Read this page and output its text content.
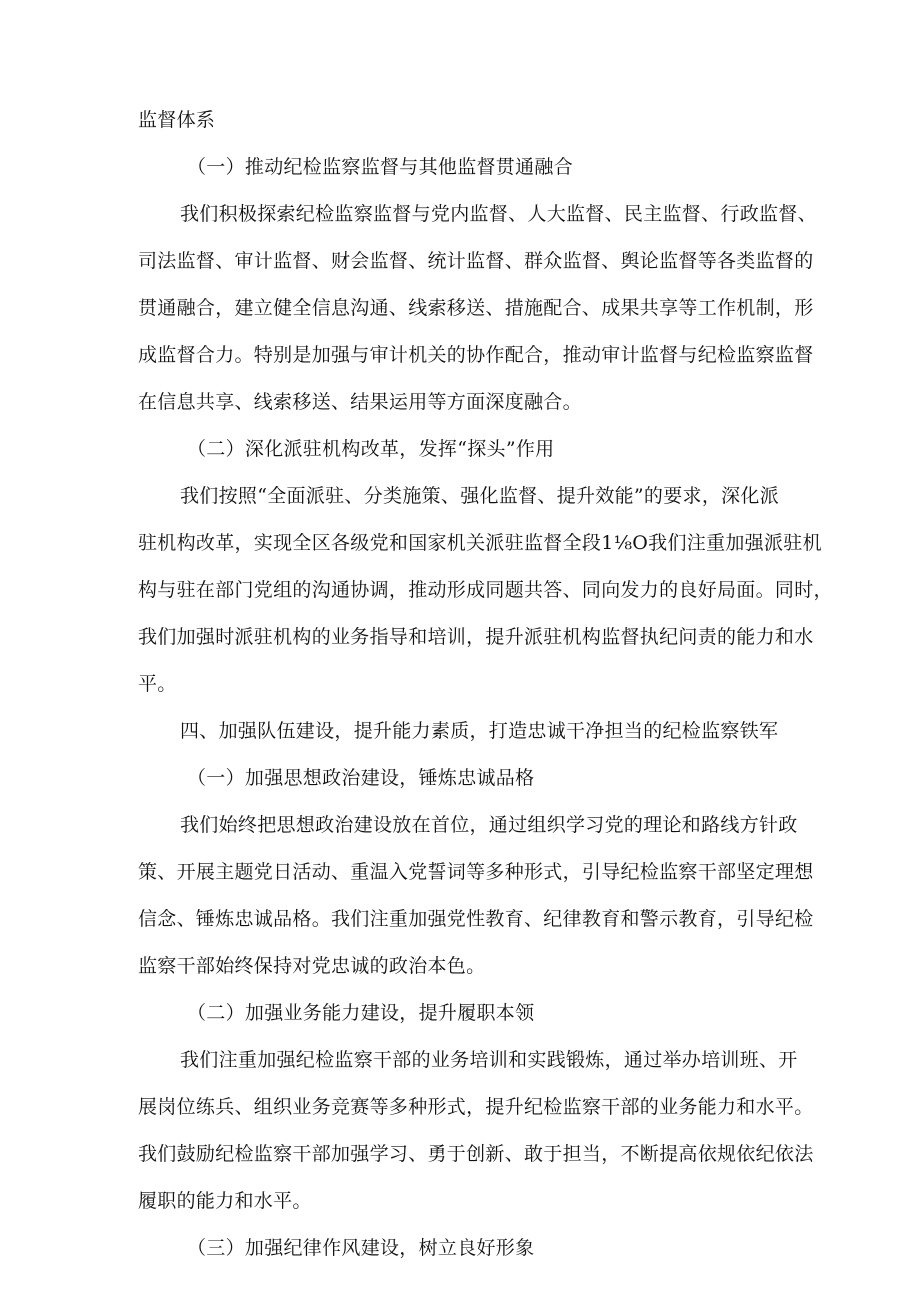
监督体系
（一）推动纪检监察监督与其他监督贯通融合
我们积极探索纪检监察监督与党内监督、人大监督、民主监督、行政监督、
司法监督、审计监督、财会监督、统计监督、群众监督、舆论监督等各类监督的
贯通融合，建立健全信息沟通、线索移送、措施配合、成果共享等工作机制，形
成监督合力。特别是加强与审计机关的协作配合，推动审计监督与纪检监察监督
在信息共享、线索移送、结果运用等方面深度融合。
（二）深化派驻机构改革，发挥“探头”作用
我们按照“全面派驻、分类施策、强化监督、提升效能”的要求，深化派
驻机构改革，实现全区各级党和国家机关派驻监督全段1⅛O我们注重加强派驻机
构与驻在部门党组的沟通协调，推动形成同题共答、同向发力的良好局面。同时，
我们加强时派驻机构的业务指导和培训，提升派驻机构监督执纪问责的能力和水
平。
四、加强队伍建设，提升能力素质，打造忠诚干净担当的纪检监察铁军
（一）加强思想政治建设，锤炼忠诚品格
我们始终把思想政治建设放在首位，通过组织学习党的理论和路线方针政
策、开展主题党日活动、重温入党誓词等多种形式，引导纪检监察干部坚定理想
信念、锤炼忠诚品格。我们注重加强党性教育、纪律教育和警示教育，引导纪检
监察干部始终保持对党忠诚的政治本色。
（二）加强业务能力建设，提升履职本领
我们注重加强纪检监察干部的业务培训和实践锻炼，通过举办培训班、开
展岗位练兵、组织业务竞赛等多种形式，提升纪检监察干部的业务能力和水平。
我们鼓励纪检监察干部加强学习、勇于创新、敢于担当，不断提高依规依纪依法
履职的能力和水平。
（三）加强纪律作风建设，树立良好形象
